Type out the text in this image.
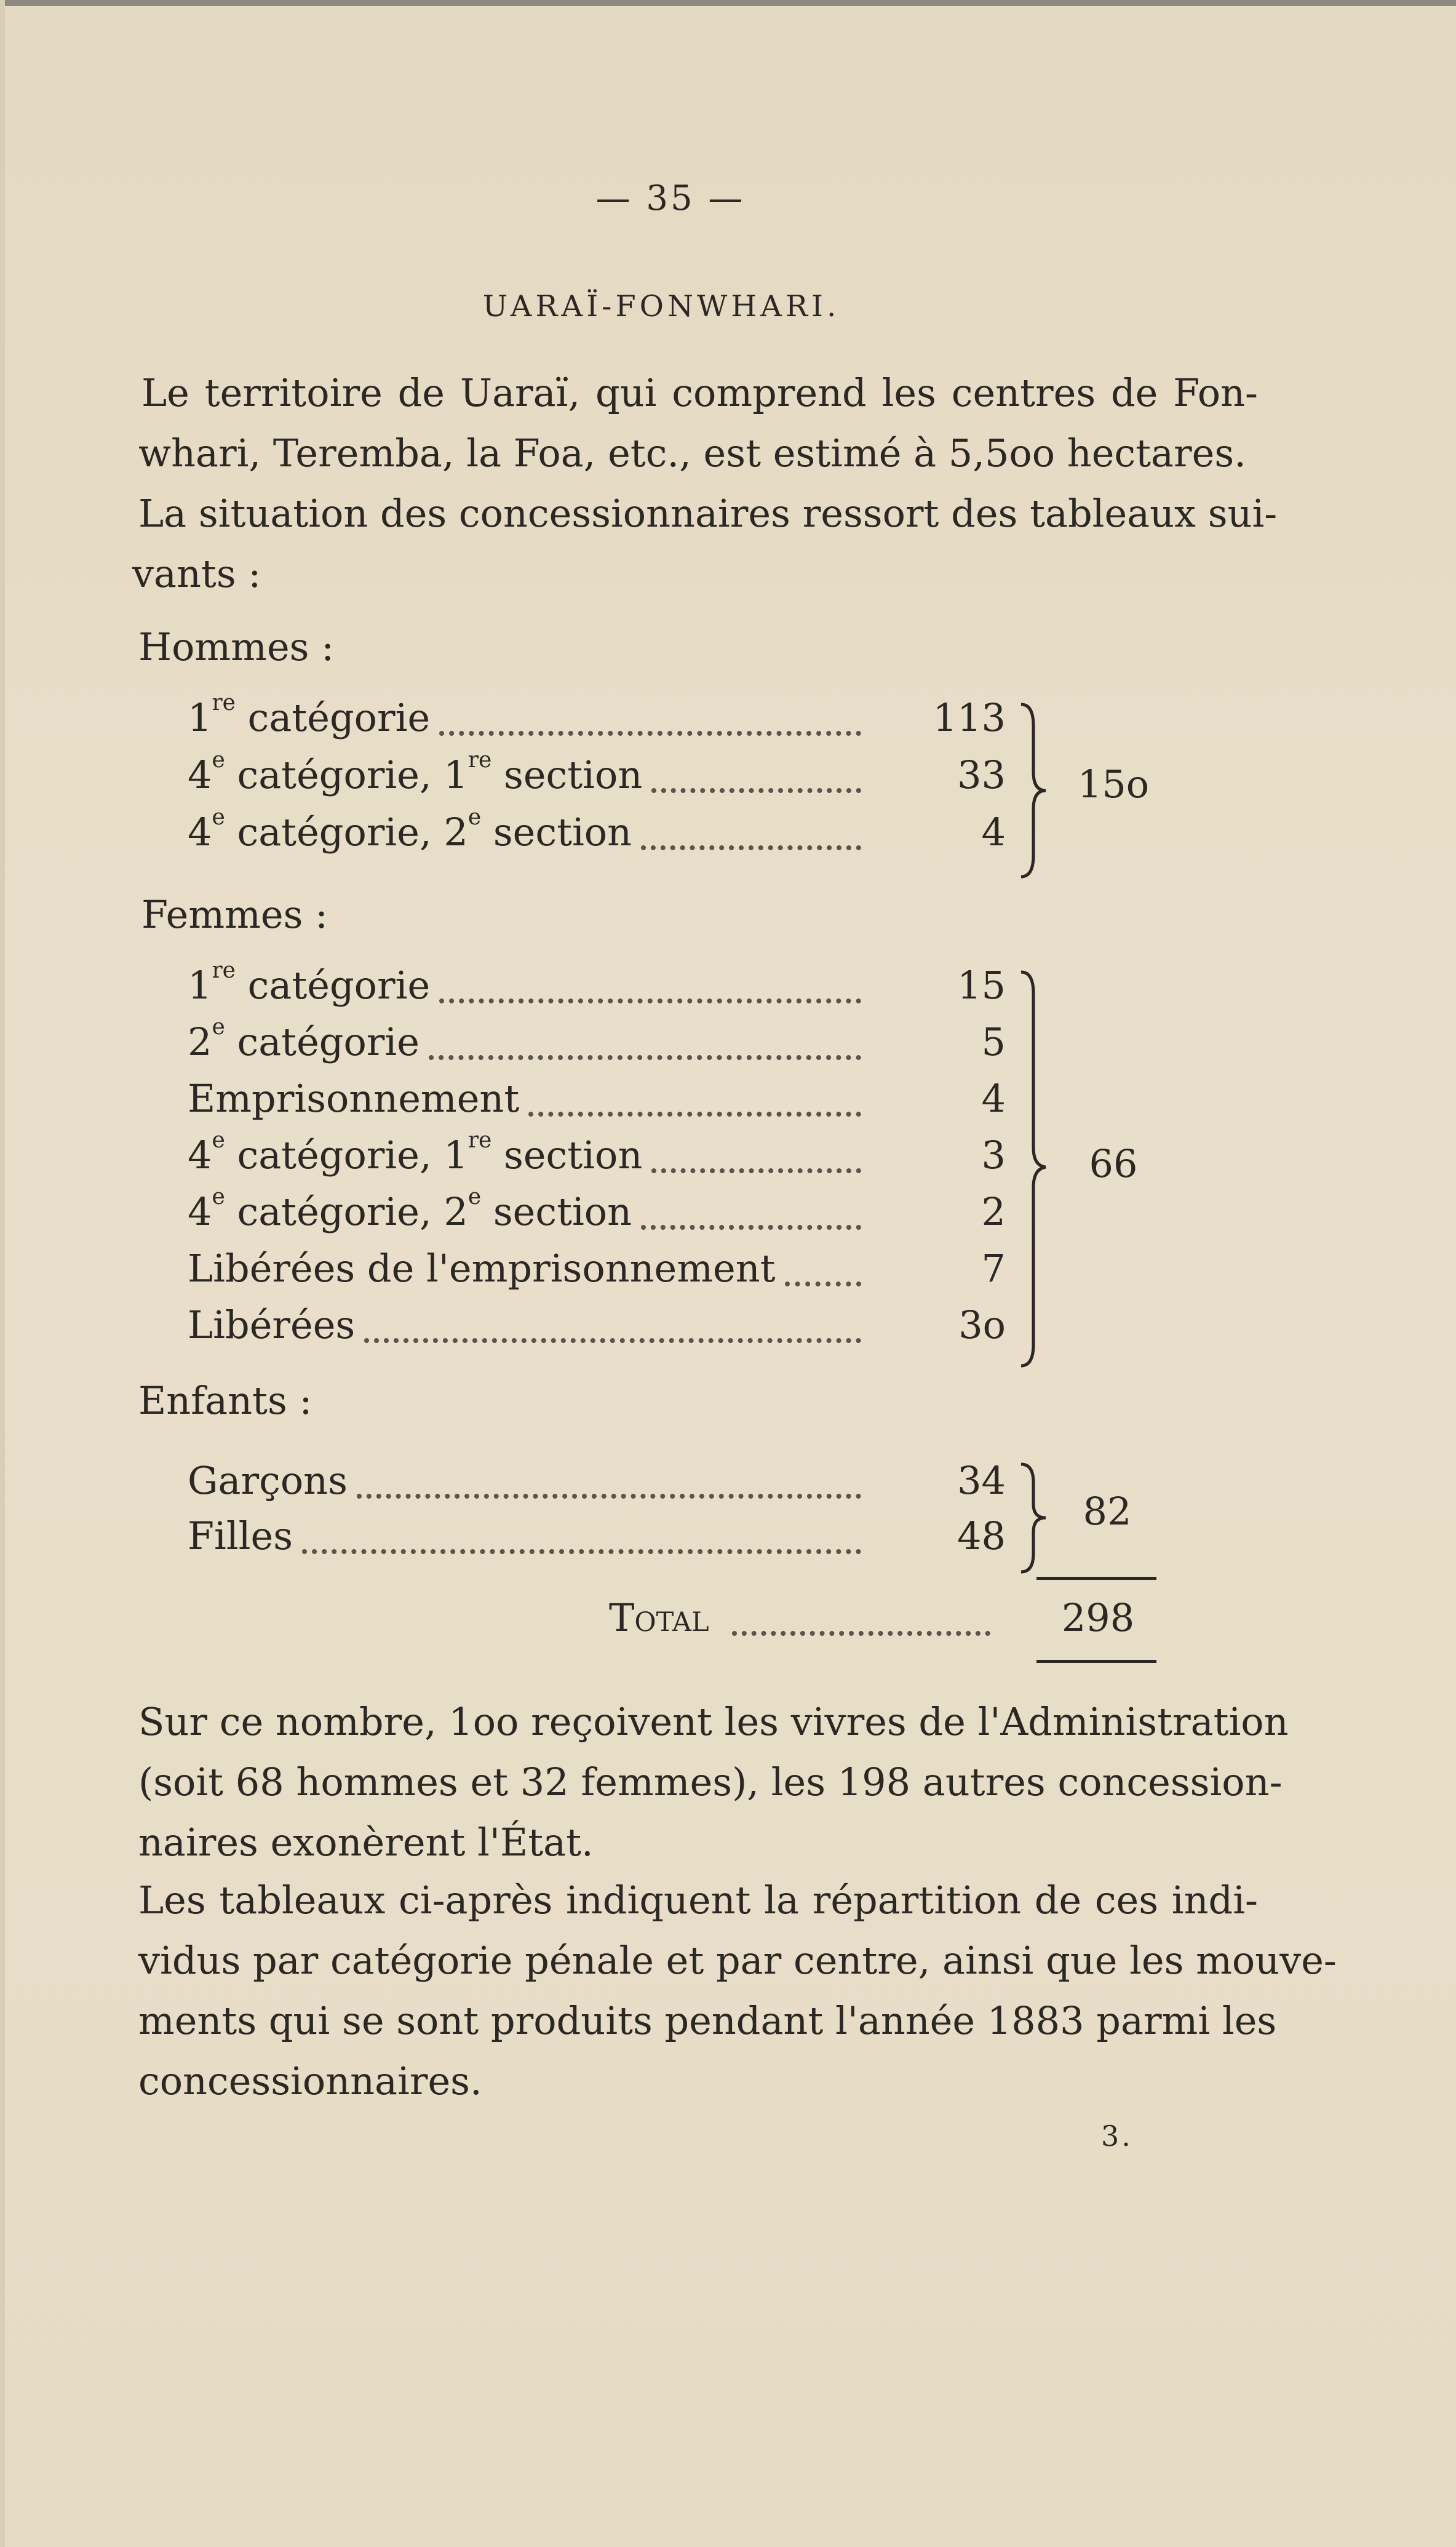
— 35 —
UARAÏ-FONWHARI.
Le territoire de Uaraï, qui comprend les centres de Fon-
whari, Teremba, la Foa, etc., est estimé à 5,5oo hectares.
La situation des concessionnaires ressort des tableaux sui-
vants :
Hommes :
1re catégorie	113
4e catégorie, 1re section	33
4e catégorie, 2e section	4
15o
Femmes :
1re catégorie	15
2e catégorie	5
Emprisonnement	4
4e catégorie, 1re section	3
4e catégorie, 2e section	2
Libérées de l'emprisonnement	7
Libérées	3o
66
Enfants :
Garçons	34
Filles	48
82
Total	298
Sur ce nombre, 1oo reçoivent les vivres de l'Administration
(soit 68 hommes et 32 femmes), les 198 autres concession-
naires exonèrent l'État.
Les tableaux ci-après indiquent la répartition de ces indi-
vidus par catégorie pénale et par centre, ainsi que les mouve-
ments qui se sont produits pendant l'année 1883 parmi les
concessionnaires.
3.
